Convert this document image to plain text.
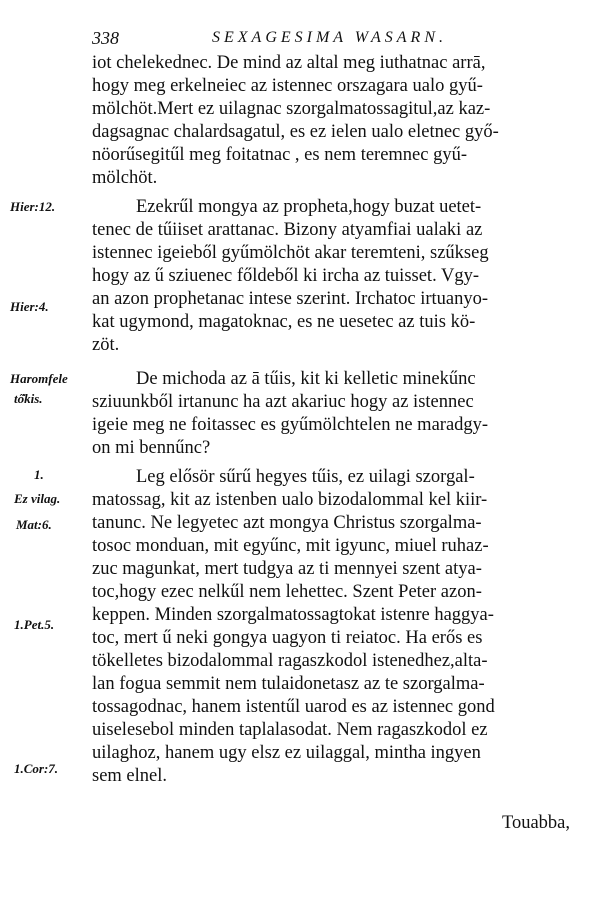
338	SEXAGESIMA WASARN.
Hier:12.
Hier:4.
Haromfele
tő̈̈̈̈̈kis.
1.
Ez vilag.
Mat:6.
1.Pet.5.
1.Cor:7.
iot chelekednec. De mind az altal meg iuthatnac arrā,
hogy meg erkelneiec az istennec orszagara ualo gyű-
mölchöt.Mert ez uilagnac szorgalmatossagitul,az kaz-
dagsagnac chalardsagatul, es ez ielen ualo eletnec győ-
nöorűsegitűl meg foitatnac , es nem teremnec gyű-
mölchöt.
Ezekrűl mongya az propheta,hogy buzat uetet-
tenec de tűiiset arattanac. Bizony atyamfiai ualaki az
istennec igeieből gyűmölchöt akar teremteni, szűkseg
hogy az ű sziuenec főldeből ki ircha az tuisset. Vgy-
an azon prophetanac intese szerint. Irchatoc irtuanyo-
kat ugymond, magatoknac, es ne uesetec az tuis kö-
zöt.
De michoda az ā tűis, kit ki kelletic minekűnc
sziuunkből irtanunc ha azt akariuc hogy az istennec
igeie meg ne foitassec es gyűmölchtelen ne maradgy-
on mi bennűnc?
Leg elősör sűrű hegyes tűis, ez uilagi szorgal-
matossag, kit az istenben ualo bizodalommal kel kiir-
tanunc. Ne legyetec azt mongya Christus szorgalma-
tosoc monduan, mit egyűnc, mit igyunc, miuel ruhaz-
zuc magunkat, mert tudgya az ti mennyei szent atya-
toc,hogy ezec nelkűl nem lehettec. Szent Peter azon-
keppen. Minden szorgalmatossagtokat istenre haggya-
toc, mert ű neki gongya uagyon ti reiatoc. Ha erős es
tökelletes bizodalommal ragaszkodol istenedhez,alta-
lan fogua semmit nem tulaidonetasz az te szorgalma-
tossagodnac, hanem istentűl uarod es az istennec gond
uiselesebol minden taplalasodat. Nem ragaszkodol ez
uilaghoz, hanem ugy elsz ez uilaggal, mintha ingyen
sem elnel.
Touabba,
